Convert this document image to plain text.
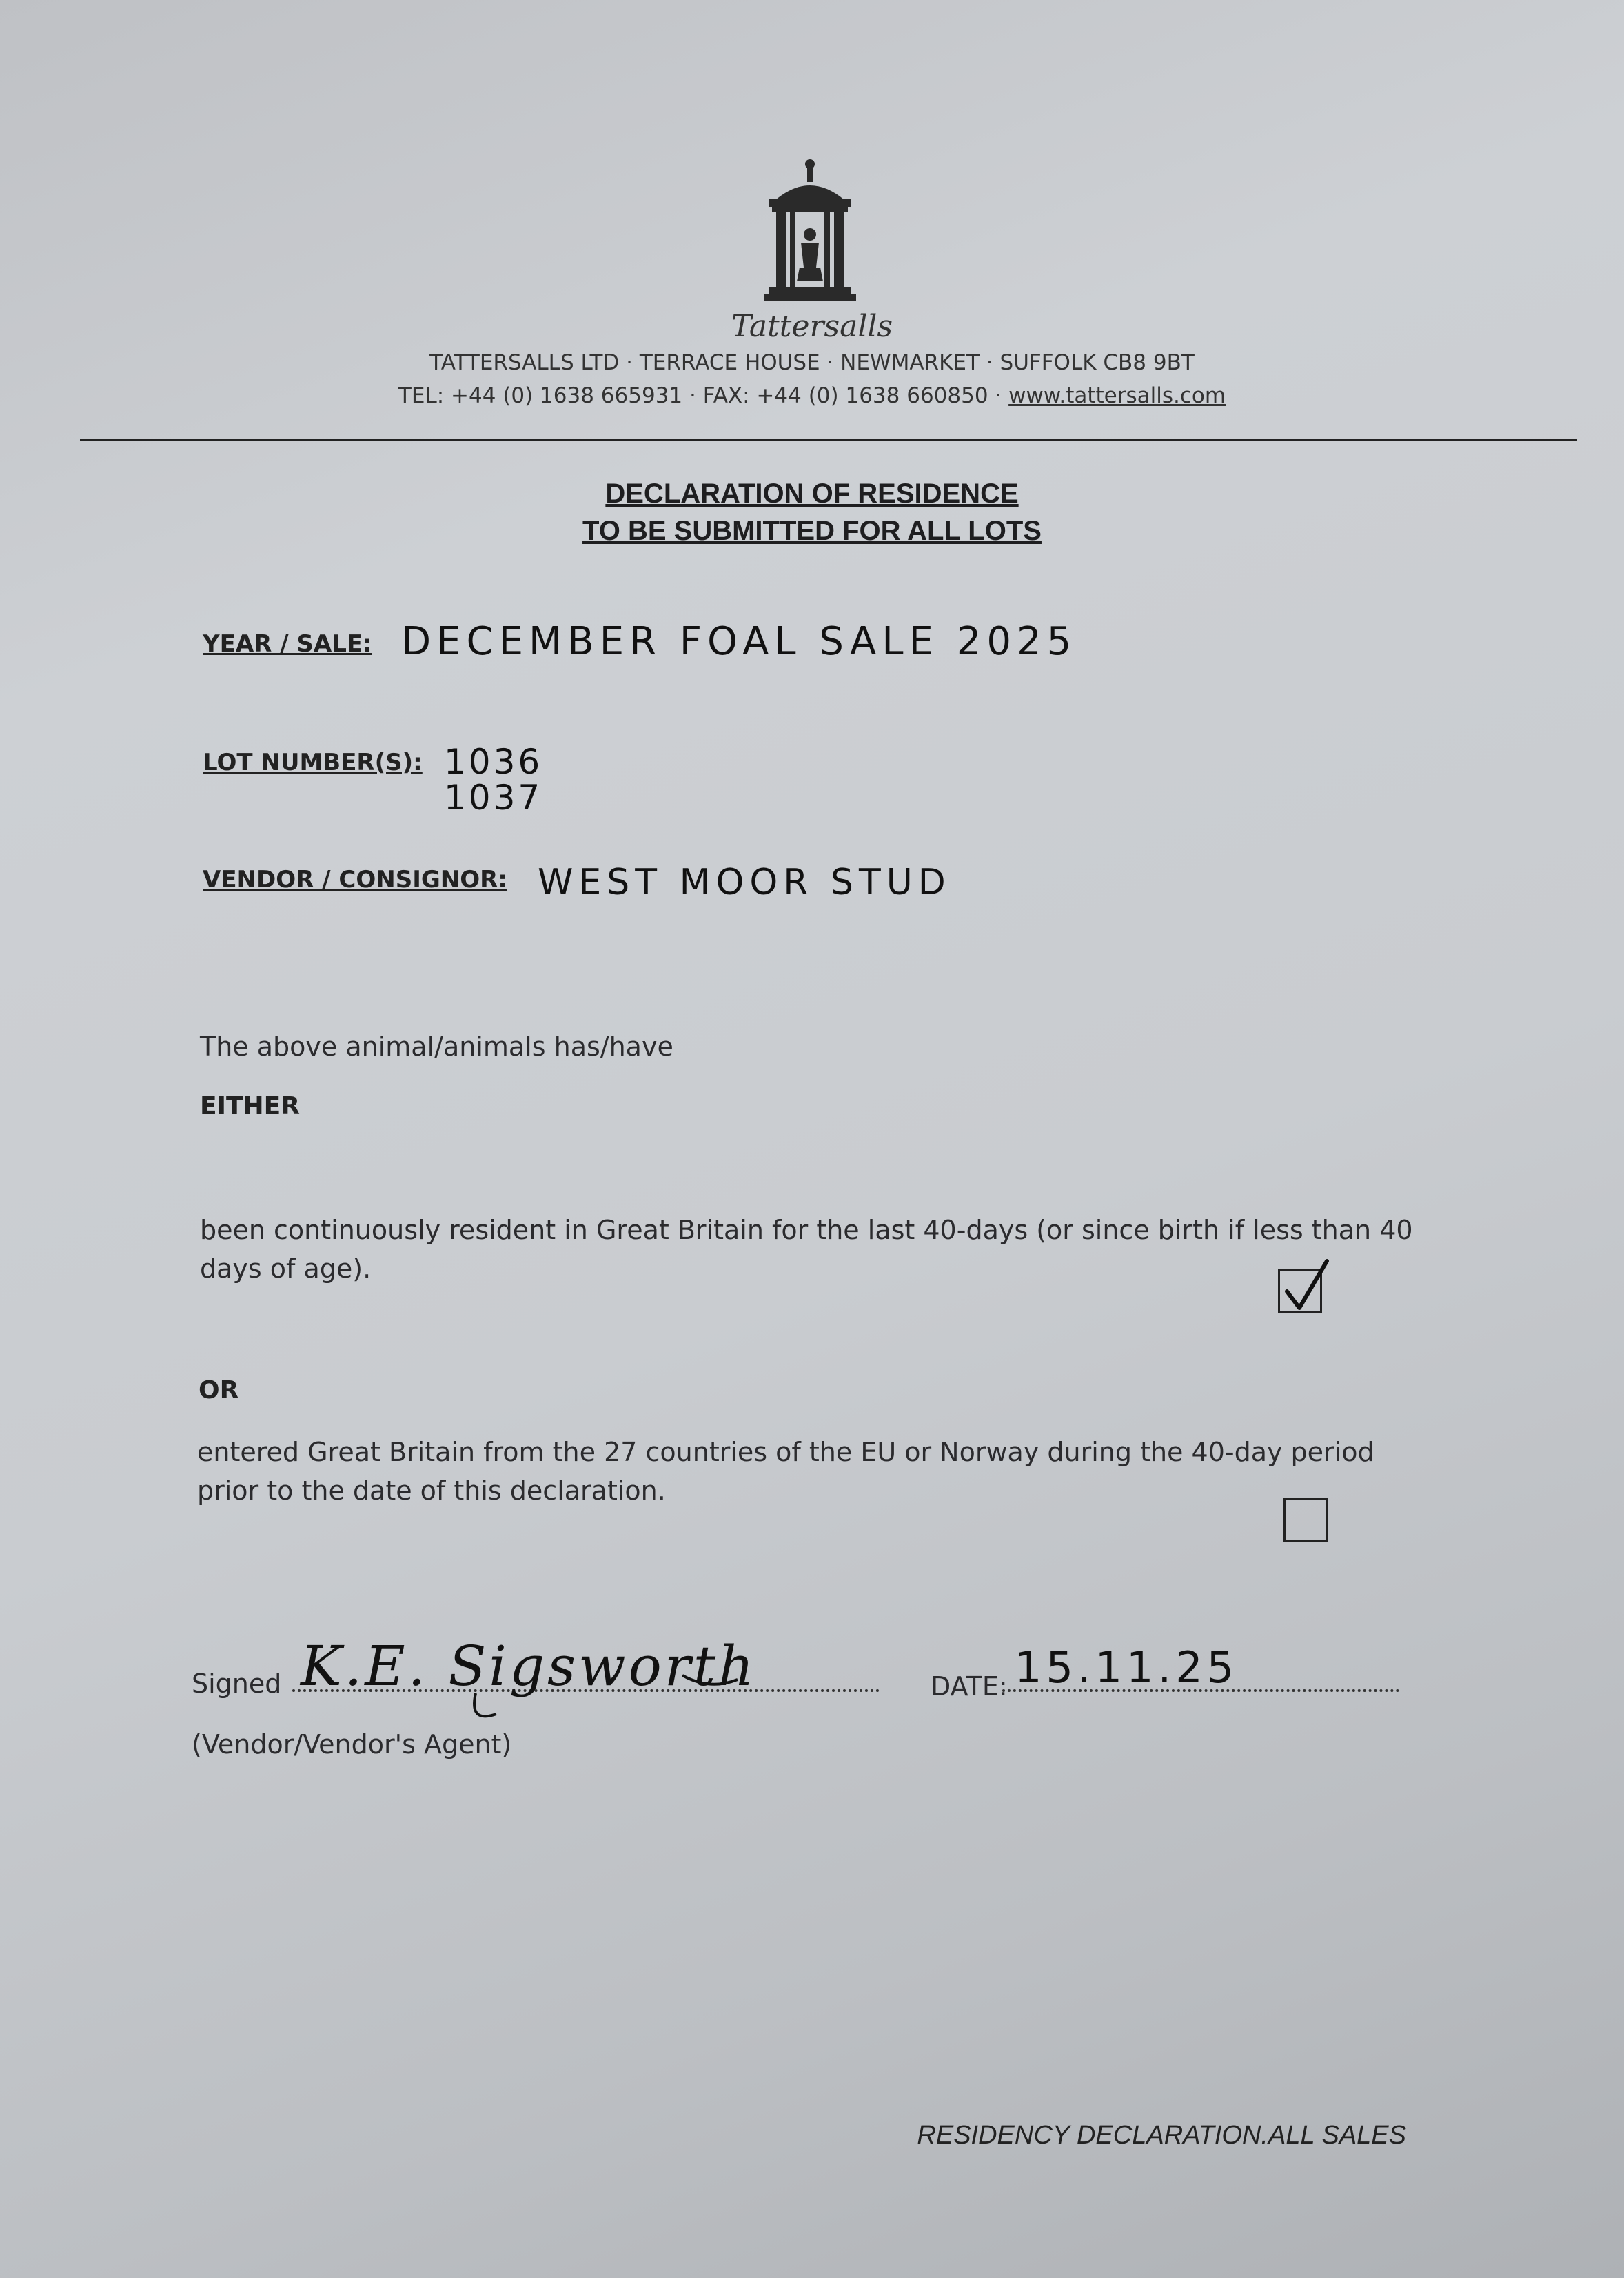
Tattersalls
TATTERSALLS LTD · TERRACE HOUSE · NEWMARKET · SUFFOLK CB8 9BT
TEL: +44 (0) 1638 665931 · FAX: +44 (0) 1638 660850 · www.tattersalls.com
DECLARATION OF RESIDENCE
TO BE SUBMITTED FOR ALL LOTS
YEAR / SALE: DECEMBER FOAL SALE 2025
LOT NUMBER(S): 1036
1037
VENDOR / CONSIGNOR: WEST MOOR STUD
The above animal/animals has/have
EITHER
been continuously resident in Great Britain for the last 40-days (or since birth if less than 40
days of age).
OR
entered Great Britain from the 27 countries of the EU or Norway during the 40-day period
prior to the date of this declaration.
Signed K.E. Sigsworth	DATE: 15.11.25
(Vendor/Vendor's Agent)
RESIDENCY DECLARATION.ALL SALES
